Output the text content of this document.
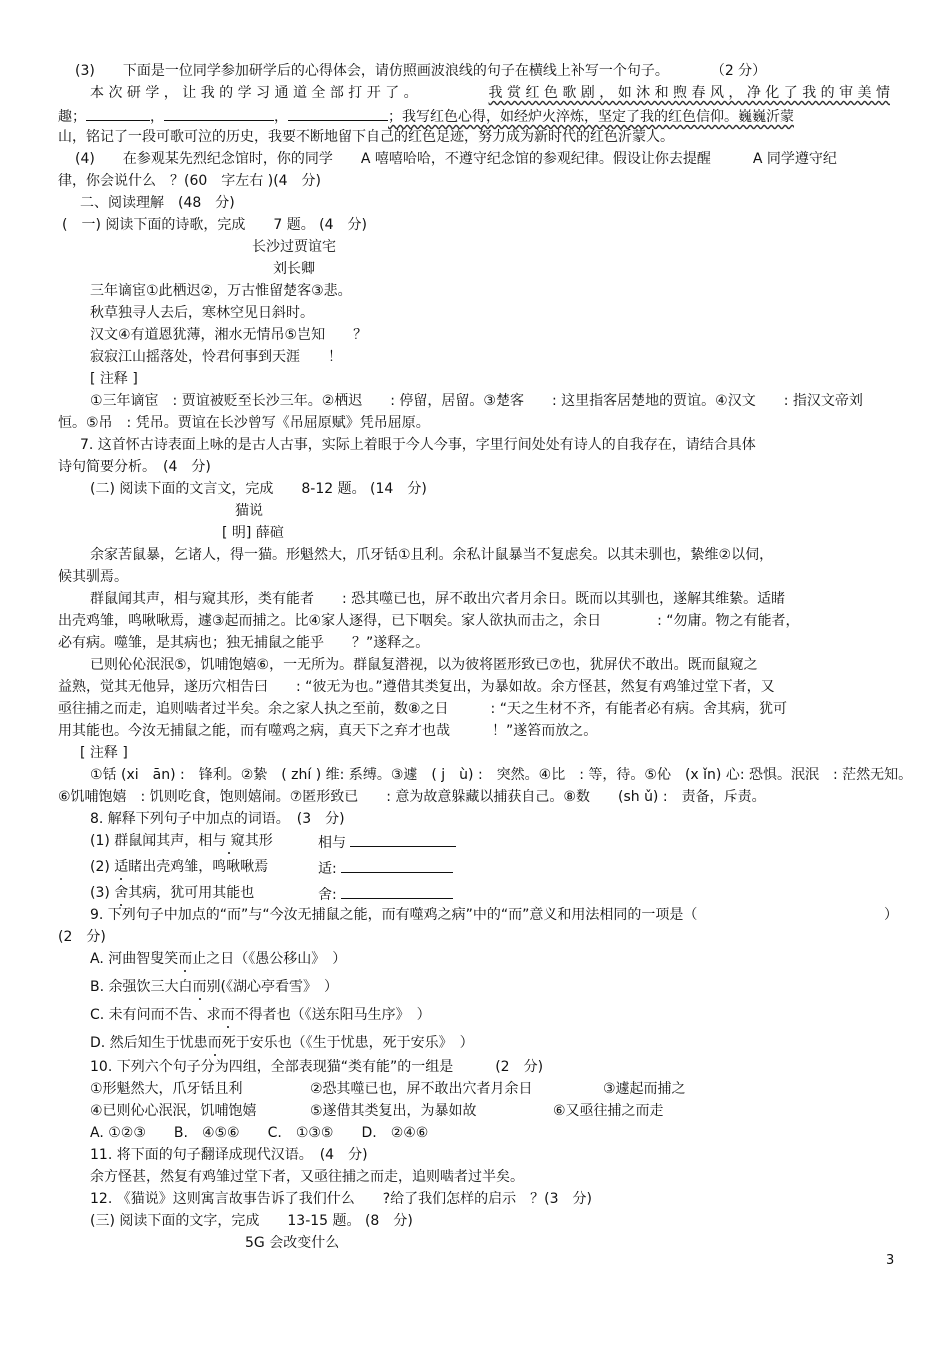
(3)　　下面是一位同学参加研学后的心得体会，请仿照画波浪线的句子在横线上补写一个句子。　　　　（2 分）
本 次 研 学 ， 让 我 的 学 习 通 道 全 部 打 开 了 。	我 赏 红 色 歌 剧 ， 如 沐 和 煦 春 风 ， 净 化 了 我 的 审 美 情
趣；	，	，	；我写红色心得，如经炉火淬炼，坚定了我的红色信仰。巍巍沂蒙
山，铭记了一段可歌可泣的历史，我要不断地留下自己的红色足迹，努力成为新时代的红色沂蒙人。
(4)　　在参观某先烈纪念馆时，你的同学　　A 嘻嘻哈哈，不遵守纪念馆的参观纪律。假设让你去提醒　　　A 同学遵守纪
律，你会说什么　？(60　字左右 )(4　分)
二、阅读理解　(48　分)
(　一) 阅读下面的诗歌，完成　　7 题。 (4　分)
长沙过贾谊宅
刘长卿
三年谪宦①此栖迟②，万古惟留楚客③悲。
秋草独寻人去后，寒林空见日斜时。
汉文④有道恩犹薄，湘水无情吊⑤岂知　　？
寂寂江山摇落处，怜君何事到天涯　　！
[ 注释 ]
①三年谪宦　: 贾谊被贬至长沙三年。②栖迟　　: 停留，居留。③楚客　　: 这里指客居楚地的贾谊。④汉文　　: 指汉文帝刘
恒。⑤吊　: 凭吊。贾谊在长沙曾写《吊屈原赋》凭吊屈原。
7. 这首怀古诗表面上咏的是古人古事，实际上着眼于今人今事，字里行间处处有诗人的自我存在，请结合具体
诗句简要分析。　(4　分)
(二) 阅读下面的文言文，完成　　8-12 题。 (14　分)
猫说
[ 明] 薛碹
余家苦鼠暴，乞诸人，得一猫。形魁然大，爪牙铦①且利。余私计鼠暴当不复虑矣。以其未驯也，絷维②以伺，
候其驯焉。
群鼠闻其声，相与窥其形，类有能者　　: 恐其噬已也，屏不敢出穴者月余日。既而以其驯也，遂解其维絷。适睹
出壳鸡雏，鸣啾啾焉，遽③起而捕之。比④家人逐得，已下咽矣。家人欲执而击之，余日　　　　: “勿庸。物之有能者，
必有病。噬雏，是其病也；独无捕鼠之能乎　　？”遂释之。
已则伈伈泯泯⑤，饥哺饱嬉⑥，一无所为。群鼠复潜视，以为彼将匿形致已⑦也，犹屏伏不敢出。既而鼠窥之
益熟，觉其无他异，遂历穴相告曰　　: “彼无为也。”遵借其类复出，为暴如故。余方怪甚，然复有鸡雏过堂下者，又
亟往捕之而走，追则啮者过半矣。余之家人执之至前，数⑧之日　　　: “天之生材不齐，有能者必有病。舍其病，犹可
用其能也。今汝无捕鼠之能，而有噬鸡之病，真天下之弃才也哉　　　！”遂笞而放之。
[ 注释 ]
①铦 (xi　ān) :　锋利。②絷　( zhí ) 维: 系缚。③遽　( j　ù) :　突然。④比　: 等，待。⑤伈　(x ǐn) 心: 恐惧。泯泯　: 茫然无知。
⑥饥哺饱嬉　: 饥则吃食，饱则嬉闹。⑦匿形致已　　: 意为故意躲藏以捕获自己。⑧数　　(sh ǔ) :　责备，斥责。
8. 解释下列句子中加点的词语。　(3　分)
(1) 群鼠闻其声，相与 窥其形	相与
(2) 适睹出壳鸡雏，鸣啾啾焉	适:
(3) 舍其病，犹可用其能也	舍:
9. 下列句子中加点的“而”与“今汝无捕鼠之能，而有噬鸡之病”中的“而”意义和用法相同的一项是（	）
(2　分)
A. 河曲智叟笑而止之日（《愚公移山》　）
B. 余强饮三大白而别(《湖心亭看雪》　）
C. 未有问而不告、求而不得者也（《送东阳马生序》　）
D. 然后知生于忧患而死于安乐也（《生于忧患，死于安乐》　）
10. 下列六个句子分为四组，全部表现猫“类有能”的一组是　　　(2　分)
①形魁然大，爪牙铦且利	②恐其噬已也，屏不敢出穴者月余日	③遽起而捕之
④已则伈心泯泯，饥哺饱嬉	⑤遂借其类复出，为暴如故	⑥又亟往捕之而走
A. ①②③　　B.　④⑤⑥　　C.　①③⑤　　D.　②④⑥
11. 将下面的句子翻译成现代汉语。　(4　分)
余方怪甚，然复有鸡雏过堂下者，又亟往捕之而走，追则啮者过半矣。
12. 《猫说》这则寓言故事告诉了我们什么　　?给了我们怎样的启示　？(3　分)
(三) 阅读下面的文字，完成　　13-15 题。 (8　分)
5G 会改变什么
3
